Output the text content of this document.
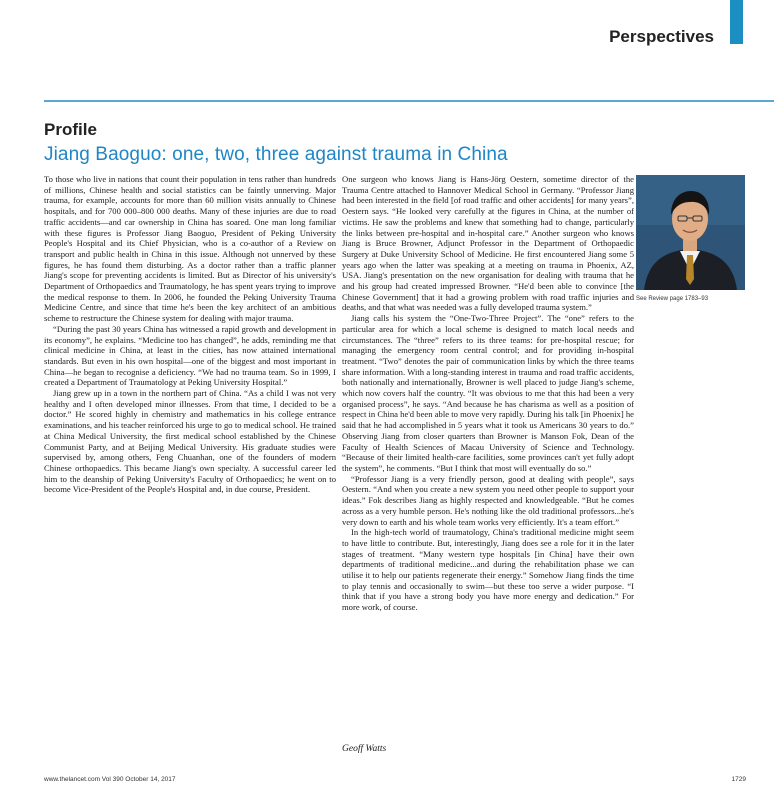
Perspectives
Profile
Jiang Baoguo: one, two, three against trauma in China

To those who live in nations that count their population in tens rather than hundreds of millions, Chinese health and social statistics can be faintly unnerving. Major trauma, for example, accounts for more than 60 million visits annually to Chinese hospitals, and for 700 000–800 000 deaths. Many of these injuries are due to road traffic accidents—and car ownership in China has soared. One man long familiar with these figures is Professor Jiang Baoguo, President of Peking University People's Hospital and its Chief Physician, who is a co-author of a Review on transport and public health in China in this issue. Although not unnerved by these figures, he has found them disturbing. As a doctor rather than a traffic planner Jiang's scope for preventing accidents is limited. But as Director of his university's Department of Orthopaedics and Traumatology, he has spent years trying to improve the medical response to them. In 2006, he founded the Peking University Trauma Medicine Centre, and since that time he's been the key architect of an ambitious scheme to restructure the Chinese system for dealing with major trauma.

“During the past 30 years China has witnessed a rapid growth and development in its economy”, he explains. “Medicine too has changed”, he adds, reminding me that clinical medicine in China, at least in the cities, has now attained international standards. But even in his own hospital—one of the biggest and most important in China—he began to recognise a deficiency. “We had no trauma team. So in 1999, I created a Department of Traumatology at Peking University Hospital.”

Jiang grew up in a town in the northern part of China. “As a child I was not very healthy and I often developed minor illnesses. From that time, I decided to be a doctor.” He scored highly in chemistry and mathematics in his college entrance examinations, and his teacher reinforced his urge to go to medical school. He trained at China Medical University, the first medical school established by the Chinese Communist Party, and at Beijing Medical University. His graduate studies were supervised by, among others, Feng Chuanhan, one of the founders of modern Chinese orthopaedics. This became Jiang's own specialty. A successful career led him to the deanship of Peking University's Faculty of Orthopaedics; he went on to become Vice-President of the People's Hospital and, in due course, President.

One surgeon who knows Jiang is Hans-Jörg Oestern, sometime director of the Trauma Centre attached to Hannover Medical School in Germany. “Professor Jiang had been interested in the field [of road traffic and other accidents] for many years”, Oestern says. “He looked very carefully at the figures in China, at the number of victims. He saw the problems and knew that something had to change, particularly the links between pre-hospital and in-hospital care.” Another surgeon who knows Jiang is Bruce Browner, Adjunct Professor in the Department of Orthopaedic Surgery at Duke University School of Medicine. He first encountered Jiang some 5 years ago when the latter was speaking at a meeting on trauma in Phoenix, AZ, USA. Jiang's presentation on the new organisation for dealing with trauma that he and his group had created impressed Browner. “He'd been able to convince [the Chinese Government] that it had a growing problem with road traffic injuries and deaths, and that what was needed was a fully developed trauma system.”

Jiang calls his system the “One-Two-Three Project”. The “one” refers to the particular area for which a local scheme is designed to match local needs and circumstances. The “three” refers to its three teams: for pre-hospital rescue; for managing the emergency room central control; and for providing in-hospital treatment. “Two” denotes the pair of communication links by which the three teams share information. With a long-standing interest in trauma and road traffic accidents, both nationally and internationally, Browner is well placed to judge Jiang's scheme, which now covers half the country. “It was obvious to me that this had been a very organised process”, he says. “And because he has charisma as well as a position of respect in China he'd been able to move very rapidly. During his talk [in Phoenix] he said that he had accomplished in 5 years what it took us Americans 30 years to do.” Observing Jiang from closer quarters than Browner is Manson Fok, Dean of the Faculty of Health Sciences of Macau University of Science and Technology. “Because of their limited health-care facilities, some provinces can't yet fully adopt the system”, he comments. “But I think that most will eventually do so.”

“Professor Jiang is a very friendly person, good at dealing with people”, says Oestern. “And when you create a new system you need other people to support your ideas.” Fok describes Jiang as highly respected and knowledgeable. “But he comes across as a very humble person. He's nothing like the old traditional professors...he's very down to earth and his whole team works very efficiently. It's a team effort.”

In the high-tech world of traumatology, China's traditional medicine might seem to have little to contribute. But, interestingly, Jiang does see a role for it in the later stages of treatment. “Many western type hospitals [in China] have their own departments of traditional medicine...and during the rehabilitation phase we can utilise it to help our patients regenerate their energy.” Somehow Jiang finds the time to play tennis and occasionally to swim—but these too serve a wider purpose. “I think that if you have a strong body you have more energy and dedication.” For more work, of course.

See Review page 1783–93
Geoff Watts
www.thelancet.com Vol 390 October 14, 2017	1729
